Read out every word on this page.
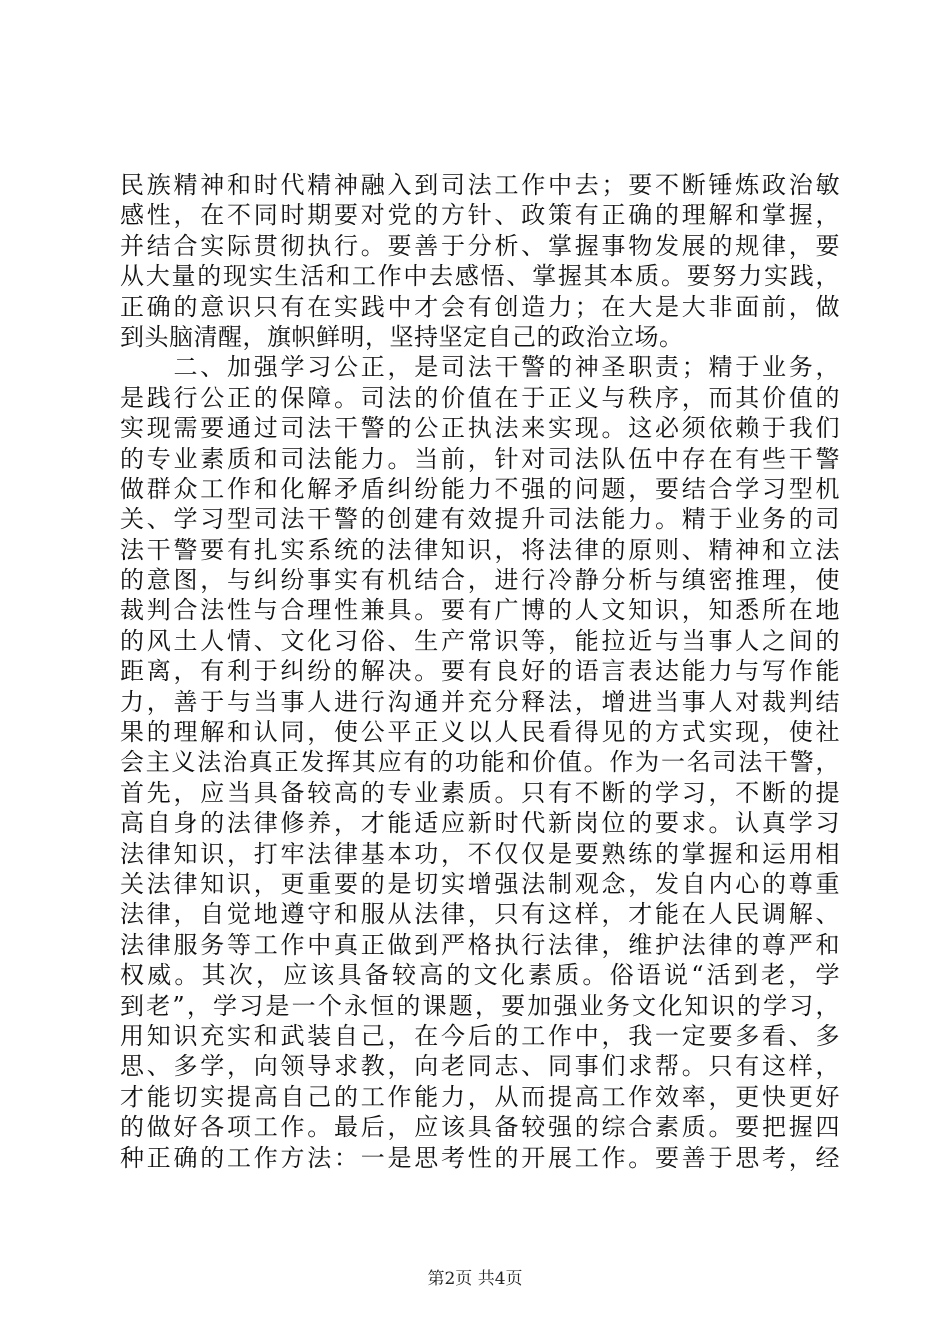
民族精神和时代精神融入到司法工作中去；要不断锤炼政治敏
感性，在不同时期要对党的方针、政策有正确的理解和掌握，
并结合实际贯彻执行。要善于分析、掌握事物发展的规律，要
从大量的现实生活和工作中去感悟、掌握其本质。要努力实践，
正确的意识只有在实践中才会有创造力；在大是大非面前，做
到头脑清醒，旗帜鲜明，坚持坚定自己的政治立场。
　　二、加强学习公正，是司法干警的神圣职责；精于业务，
是践行公正的保障。司法的价值在于正义与秩序，而其价值的
实现需要通过司法干警的公正执法来实现。这必须依赖于我们
的专业素质和司法能力。当前，针对司法队伍中存在有些干警
做群众工作和化解矛盾纠纷能力不强的问题，要结合学习型机
关、学习型司法干警的创建有效提升司法能力。精于业务的司
法干警要有扎实系统的法律知识，将法律的原则、精神和立法
的意图，与纠纷事实有机结合，进行冷静分析与缜密推理，使
裁判合法性与合理性兼具。要有广博的人文知识，知悉所在地
的风土人情、文化习俗、生产常识等，能拉近与当事人之间的
距离，有利于纠纷的解决。要有良好的语言表达能力与写作能
力，善于与当事人进行沟通并充分释法，增进当事人对裁判结
果的理解和认同，使公平正义以人民看得见的方式实现，使社
会主义法治真正发挥其应有的功能和价值。作为一名司法干警，
首先，应当具备较高的专业素质。只有不断的学习，不断的提
高自身的法律修养，才能适应新时代新岗位的要求。认真学习
法律知识，打牢法律基本功，不仅仅是要熟练的掌握和运用相
关法律知识，更重要的是切实增强法制观念，发自内心的尊重
法律，自觉地遵守和服从法律，只有这样，才能在人民调解、
法律服务等工作中真正做到严格执行法律，维护法律的尊严和
权威。其次，应该具备较高的文化素质。俗语说“活到老，学
到老”，学习是一个永恒的课题，要加强业务文化知识的学习，
用知识充实和武装自己，在今后的工作中，我一定要多看、多
思、多学，向领导求教，向老同志、同事们求帮。只有这样，
才能切实提高自己的工作能力，从而提高工作效率，更快更好
的做好各项工作。最后，应该具备较强的综合素质。要把握四
种正确的工作方法：一是思考性的开展工作。要善于思考，经
第2页 共4页
